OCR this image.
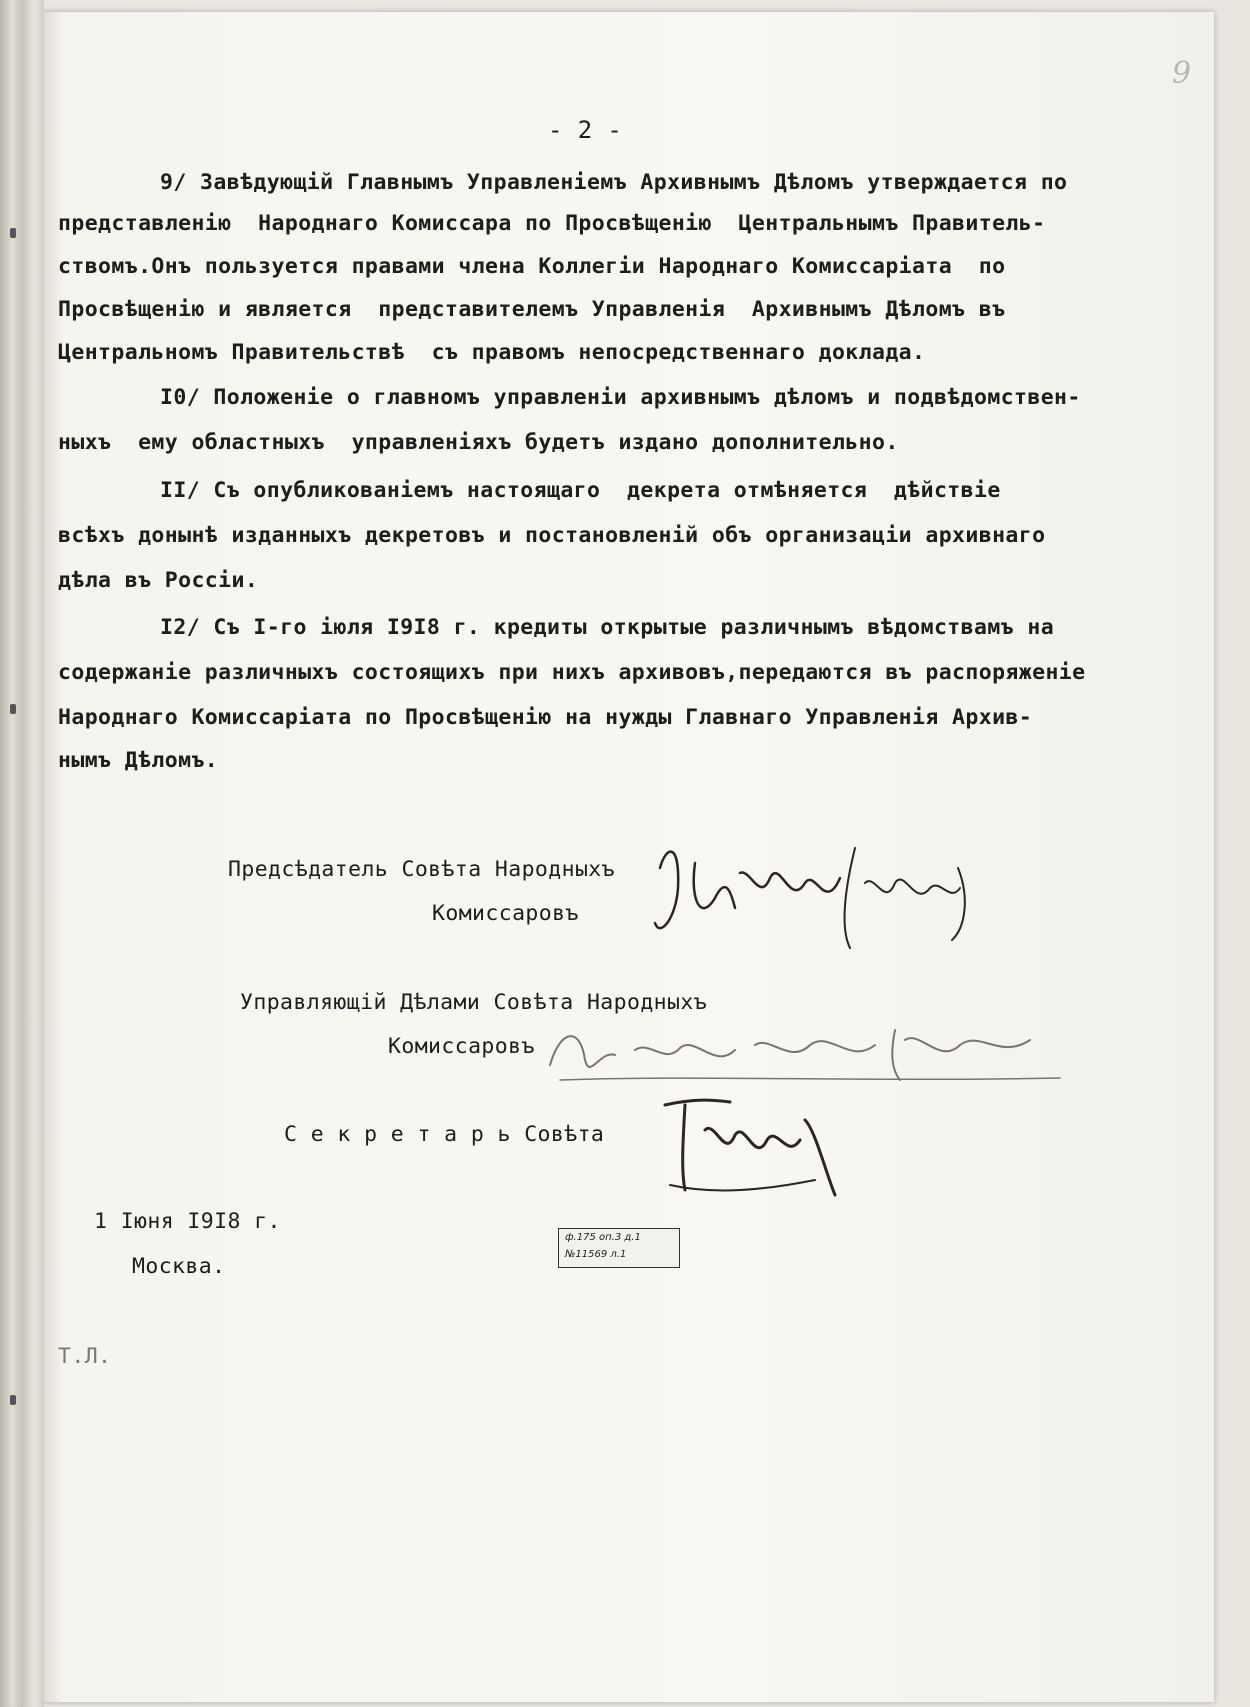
9
- 2 -
9/ Завѣдующій Главнымъ Управленіемъ Архивнымъ Дѣломъ утверждается по
представленію  Народнаго Комиссара по Просвѣщенію  Центральнымъ Правитель-
ствомъ.Онъ пользуется правами члена Коллегіи Народнаго Комиссаріата  по
Просвѣщенію и является  представителемъ Управленія  Архивнымъ Дѣломъ въ
Центральномъ Правительствѣ  съ правомъ непосредственнаго доклада.
І0/ Положеніе о главномъ управленіи архивнымъ дѣломъ и подвѣдомствен-
ныхъ  ему областныхъ  управленіяхъ будетъ издано дополнительно.
ІІ/ Съ опубликованіемъ настоящаго  декрета отмѣняется  дѣйствіе
всѣхъ донынѣ изданныхъ декретовъ и постановленій объ организаціи архивнаго
дѣла въ Россіи.
І2/ Съ І-го іюля І9І8 г. кредиты открытые различнымъ вѣдомствамъ на
содержаніе различныхъ состоящихъ при нихъ архивовъ,передаются въ распоряженіе
Народнаго Комиссаріата по Просвѣщенію на нужды Главнаго Управленія Архив-
нымъ Дѣломъ.
Предсѣдатель Совѣта Народныхъ
Комиссаровъ
Управляющій Дѣлами Совѣта Народныхъ
Комиссаровъ
С е к р е т а р ь Совѣта
1 Іюня І9І8 г.
Москва.
Т.Л.
ф.175 оп.3 д.1
№11569 л.1
